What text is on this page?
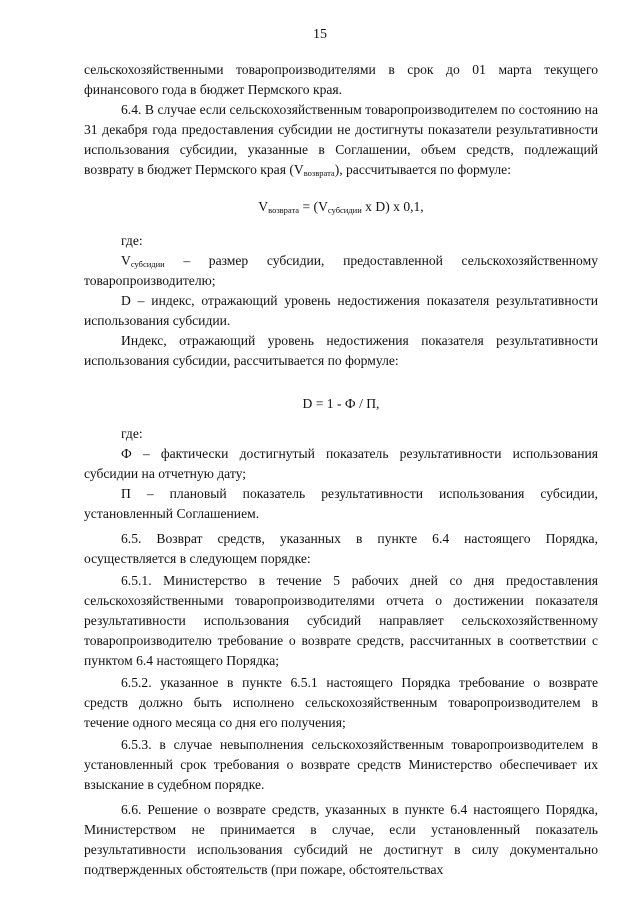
15

сельскохозяйственными товаропроизводителями в срок до 01 марта текущего финансового года в бюджет Пермского края.

6.4. В случае если сельскохозяйственным товаропроизводителем по состоянию на 31 декабря года предоставления субсидии не достигнуты показатели результативности использования субсидии, указанные в Соглашении, объем средств, подлежащий возврату в бюджет Пермского края $(V_{возврата})$, рассчитывается по формуле:

$V_{возврата} = (V_{субсидии}$ x D) x 0,1,

где:

$V_{субсидии}$ – размер субсидии, предоставленной сельскохозяйственному товаропроизводителю;

D – индекс, отражающий уровень недостижения показателя результативности использования субсидии.

Индекс, отражающий уровень недостижения показателя результативности использования субсидии, рассчитывается по формуле:

D = 1 - Ф / П,

где:

Ф – фактически достигнутый показатель результативности использования субсидии на отчетную дату;

П – плановый показатель результативности использования субсидии, установленный Соглашением.

6.5. Возврат средств, указанных в пункте 6.4 настоящего Порядка, осуществляется в следующем порядке:

6.5.1. Министерство в течение 5 рабочих дней со дня предоставления сельскохозяйственными товаропроизводителями отчета о достижении показателя результативности использования субсидий направляет сельскохозяйственному товаропроизводителю требование о возврате средств, рассчитанных в соответствии с пунктом 6.4 настоящего Порядка;

6.5.2. указанное в пункте 6.5.1 настоящего Порядка требование о возврате средств должно быть исполнено сельскохозяйственным товаропроизводителем в течение одного месяца со дня его получения;

6.5.3. в случае невыполнения сельскохозяйственным товаропроизводителем в установленный срок требования о возврате средств Министерство обеспечивает их взыскание в судебном порядке.

6.6. Решение о возврате средств, указанных в пункте 6.4 настоящего Порядка, Министерством не принимается в случае, если установленный показатель результативности использования субсидий не достигнут в силу документально подтвержденных обстоятельств (при пожаре, обстоятельствах
